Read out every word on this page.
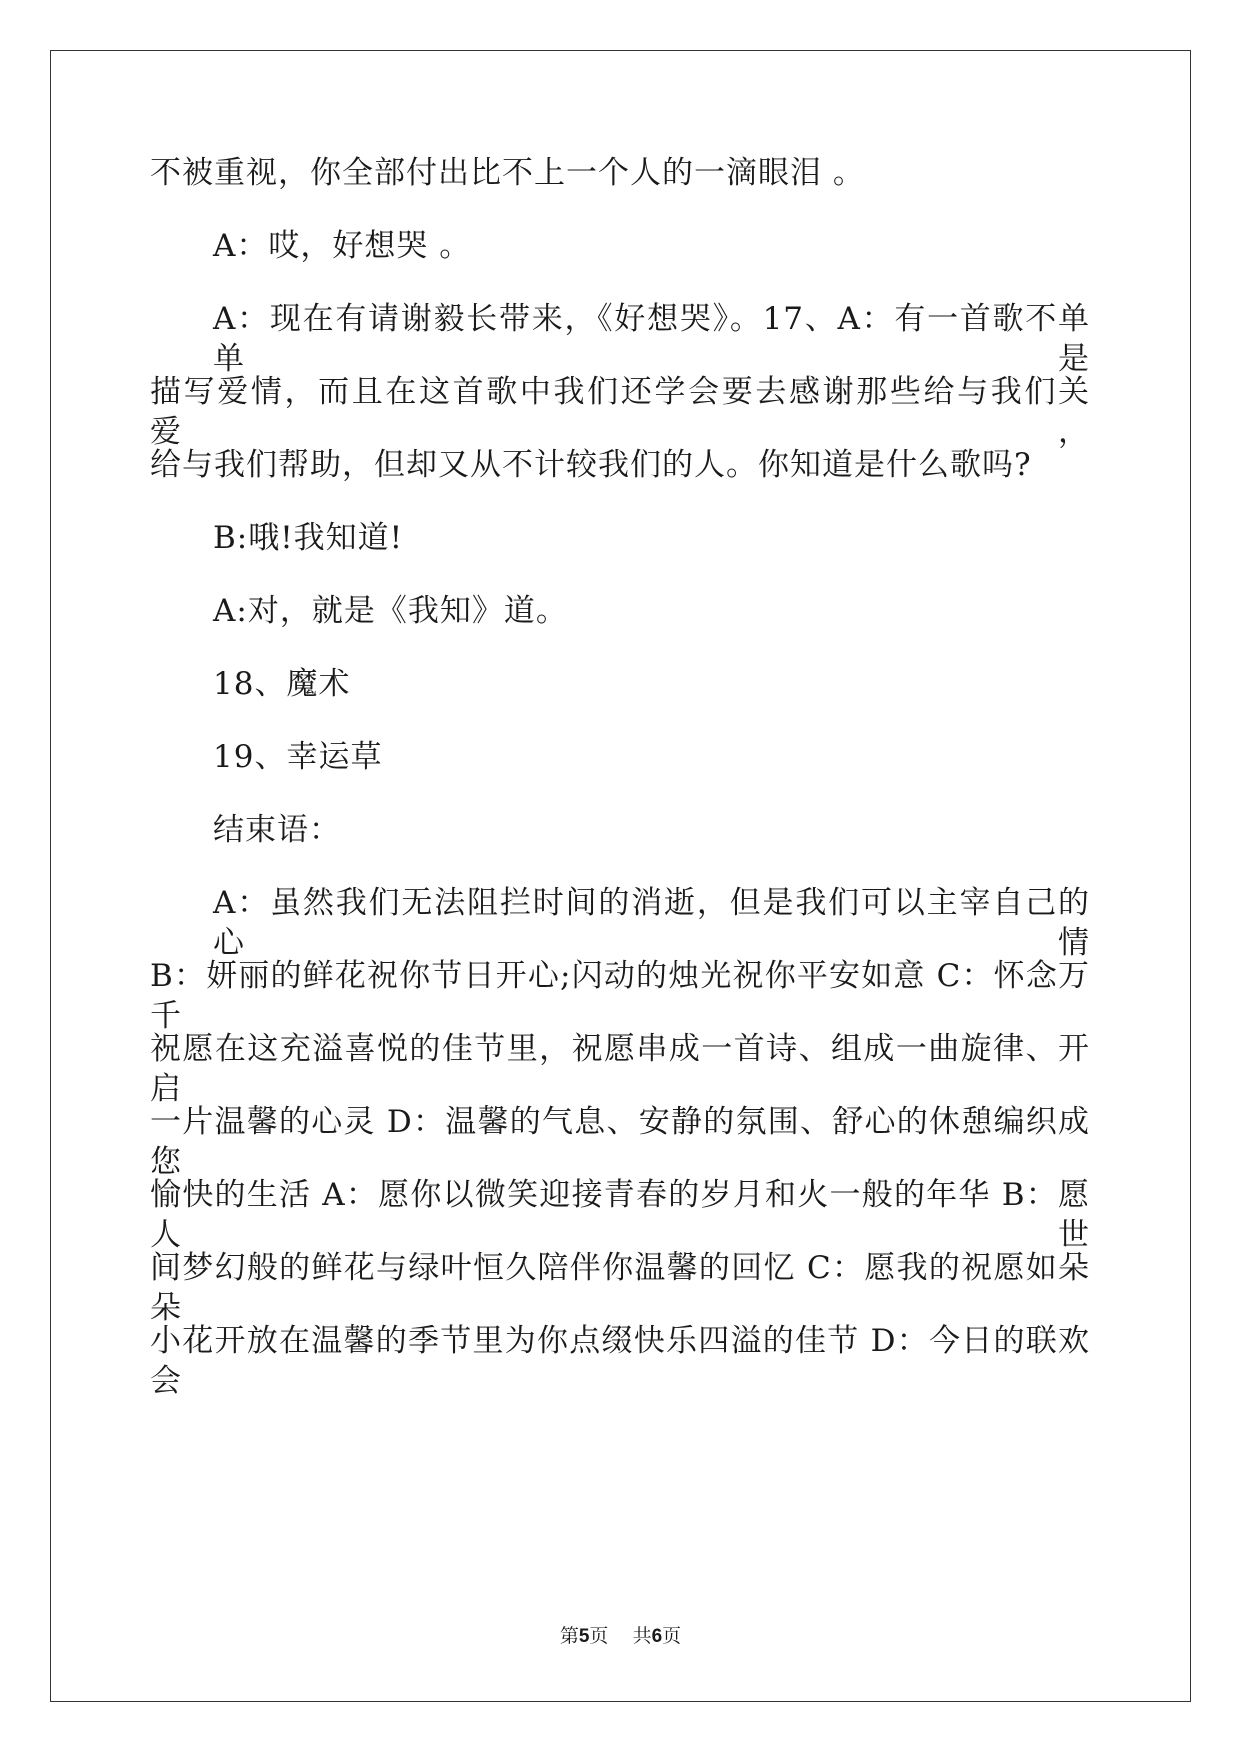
不被重视，你全部付出比不上一个人的一滴眼泪 。
A：哎，好想哭 。
A：现在有请谢毅长带来，《好想哭》。17、A：有一首歌不单单是
描写爱情，而且在这首歌中我们还学会要去感谢那些给与我们关爱，
给与我们帮助，但却又从不计较我们的人。你知道是什么歌吗?
B:哦!我知道!
A:对，就是《我知》道。
18、魔术
19、幸运草
结束语：
A：虽然我们无法阻拦时间的消逝，但是我们可以主宰自己的心情
B：妍丽的鲜花祝你节日开心;闪动的烛光祝你平安如意 C：怀念万千
祝愿在这充溢喜悦的佳节里，祝愿串成一首诗、组成一曲旋律、开启
一片温馨的心灵 D：温馨的气息、安静的氛围、舒心的休憩编织成您
愉快的生活 A：愿你以微笑迎接青春的岁月和火一般的年华 B：愿人世
间梦幻般的鲜花与绿叶恒久陪伴你温馨的回忆 C：愿我的祝愿如朵朵
小花开放在温馨的季节里为你点缀快乐四溢的佳节 D：今日的联欢会
第5页    共6页
